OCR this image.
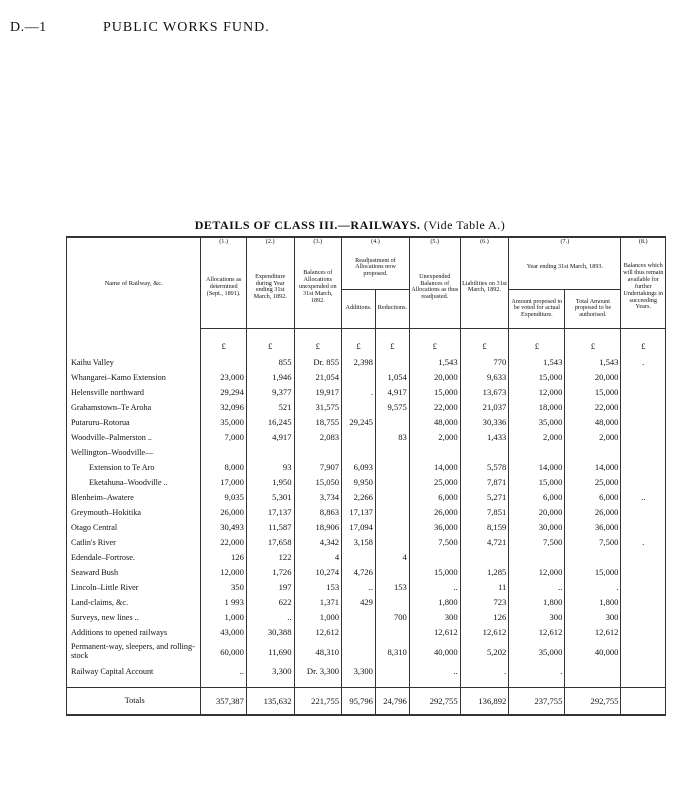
D.—1	PUBLIC WORKS FUND.
DETAILS OF CLASS III.—RAILWAYS. (Vide Table A.)
Name of Railway, &c.	(1.)	(2.)	(3.)	(4.)		(5.)	(6.)	(7.)		(8.)
	Allocations as determined (Sept., 1891).	Expenditure during Year ending 31st March, 1892.	Balances of Allocations unexpended on 31st March, 1892.	Readjustment of Allocations now proposed.		Unexpended Balances of Allocations as thus readjusted.	Liabilities on 31st March, 1892.	Year ending 31st March, 1893.		Balances which will thus remain available for further Undertakings in succeeding Years.
				Additions.	Reductions.			Amount proposed to be voted for actual Expenditure.	Total Amount proposed to be authorised.	
	£	£	£	£	£	£	£	£	£	£
Kaihu Valley		855	Dr. 855	2,398		1,543	770	1,543	1,543	.
Whangarei–Kamo Extension	23,000	1,946	21,054		1,054	20,000	9,633	15,000	20,000	
Helensville northward	29,294	9,377	19,917	.	4,917	15,000	13,673	12,000	15,000	
Grahamstown–Te Aroha	32,096	521	31,575		9,575	22,000	21,037	18,000	22,000	
Putaruru–Rotorua	35,000	16,245	18,755	29,245		48,000	30,336	35,000	48,000	
Woodville–Palmerston ..	7,000	4,917	2,083		83	2,000	1,433	2,000	2,000	
Wellington–Woodville—										
Extension to Te Aro	8,000	93	7,907	6,093		14,000	5,578	14,000	14,000	
Eketahuna–Woodville ..	17,000	1,950	15,050	9,950		25,000	7,871	15,000	25,000	
Blenheim–Awatere	9,035	5,301	3,734	2,266		6,000	5,271	6,000	6,000	..
Greymouth–Hokitika	26,000	17,137	8,863	17,137		26,000	7,851	20,000	26,000	
Otago Central	30,493	11,587	18,906	17,094		36,000	8,159	30,000	36,000	
Catlin's River	22,000	17,658	4,342	3,158		7,500	4,721	7,500	7,500	.
Edendale–Fortrose.	126	122	4		4					
Seaward Bush	12,000	1,726	10,274	4,726		15,000	1,285	12,000	15,000	
Lincoln–Little River	350	197	153	..	153	..	11	..	.	
Land-claims, &c.	1 993	622	1,371	429		1,800	723	1,800	1,800	
Surveys, new lines ..	1,000	..	1,000		700	300	126	300	300	
Additions to opened railways	43,000	30,388	12,612			12,612	12,612	12,612	12,612	
Permanent-way, sleepers, and rolling-stock	60,000	11,690	48,310		8,310	40,000	5,202	35,000	40,000	
Railway Capital Account	..	3,300	Dr. 3,300	3,300		..	.	.		
Totals	357,387	135,632	221,755	95,796	24,796	292,755	136,892	237,755	292,755	
